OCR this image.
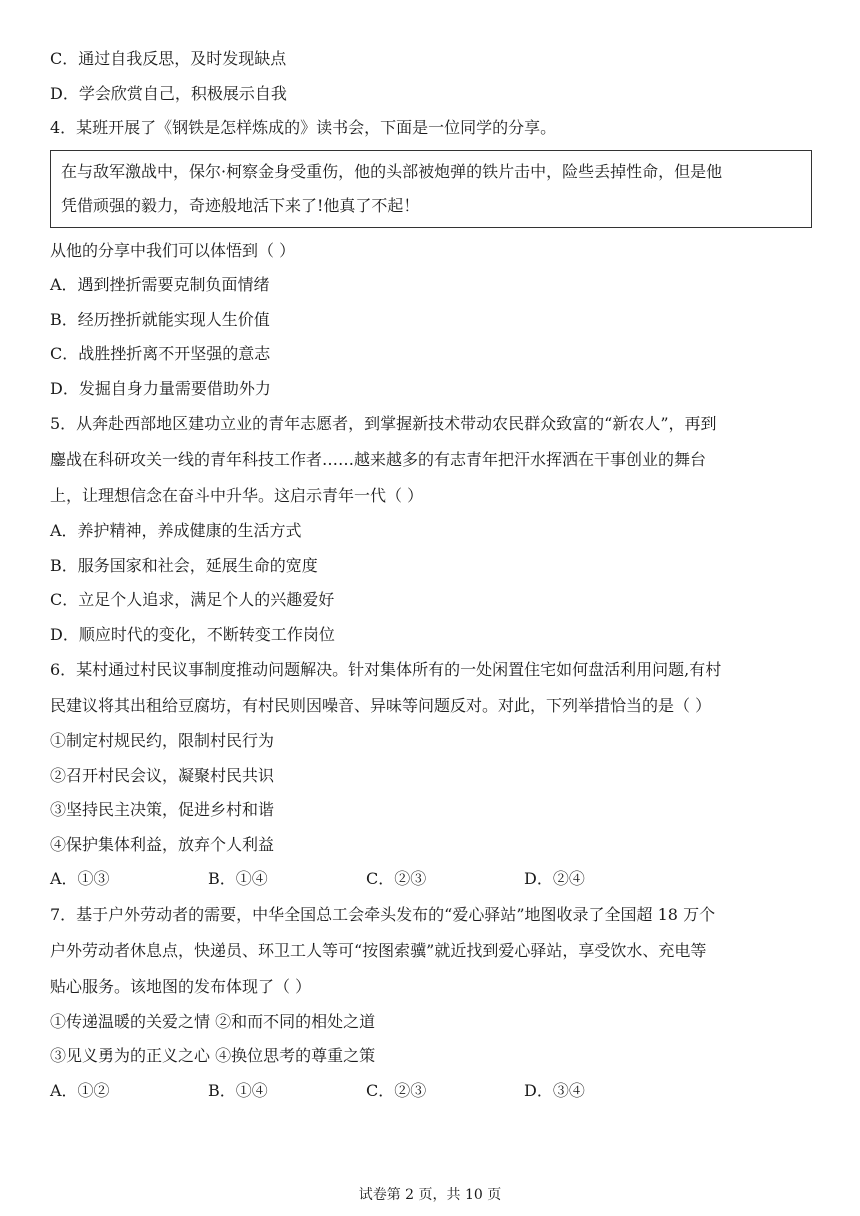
C．通过自我反思，及时发现缺点
D．学会欣赏自己，积极展示自我
4．某班开展了《钢铁是怎样炼成的》读书会，下面是一位同学的分享。
在与敌军激战中，保尔·柯察金身受重伤，他的头部被炮弹的铁片击中，险些丢掉性命，但是他
凭借顽强的毅力，奇迹般地活下来了!他真了不起！
从他的分享中我们可以体悟到（ ）
A．遇到挫折需要克制负面情绪
B．经历挫折就能实现人生价值
C．战胜挫折离不开坚强的意志
D．发掘自身力量需要借助外力
5．从奔赴西部地区建功立业的青年志愿者，到掌握新技术带动农民群众致富的“新农人”，再到
鏖战在科研攻关一线的青年科技工作者……越来越多的有志青年把汗水挥洒在干事创业的舞台
上，让理想信念在奋斗中升华。这启示青年一代（ ）
A．养护精神，养成健康的生活方式
B．服务国家和社会，延展生命的宽度
C．立足个人追求，满足个人的兴趣爱好
D．顺应时代的变化，不断转变工作岗位
6．某村通过村民议事制度推动问题解决。针对集体所有的一处闲置住宅如何盘活利用问题,有村
民建议将其出租给豆腐坊，有村民则因噪音、异味等问题反对。对此，下列举措恰当的是（ ）
①制定村规民约，限制村民行为
②召开村民会议，凝聚村民共识
③坚持民主决策，促进乡村和谐
④保护集体利益，放弃个人利益
A．①③	B．①④	C．②③	D．②④
7．基于户外劳动者的需要，中华全国总工会牵头发布的“爱心驿站”地图收录了全国超 18 万个
户外劳动者休息点，快递员、环卫工人等可“按图索骥”就近找到爱心驿站，享受饮水、充电等
贴心服务。该地图的发布体现了（ ）
①传递温暖的关爱之情 ②和而不同的相处之道
③见义勇为的正义之心 ④换位思考的尊重之策
A．①②	B．①④	C．②③	D．③④
试卷第 2 页，共 10 页
